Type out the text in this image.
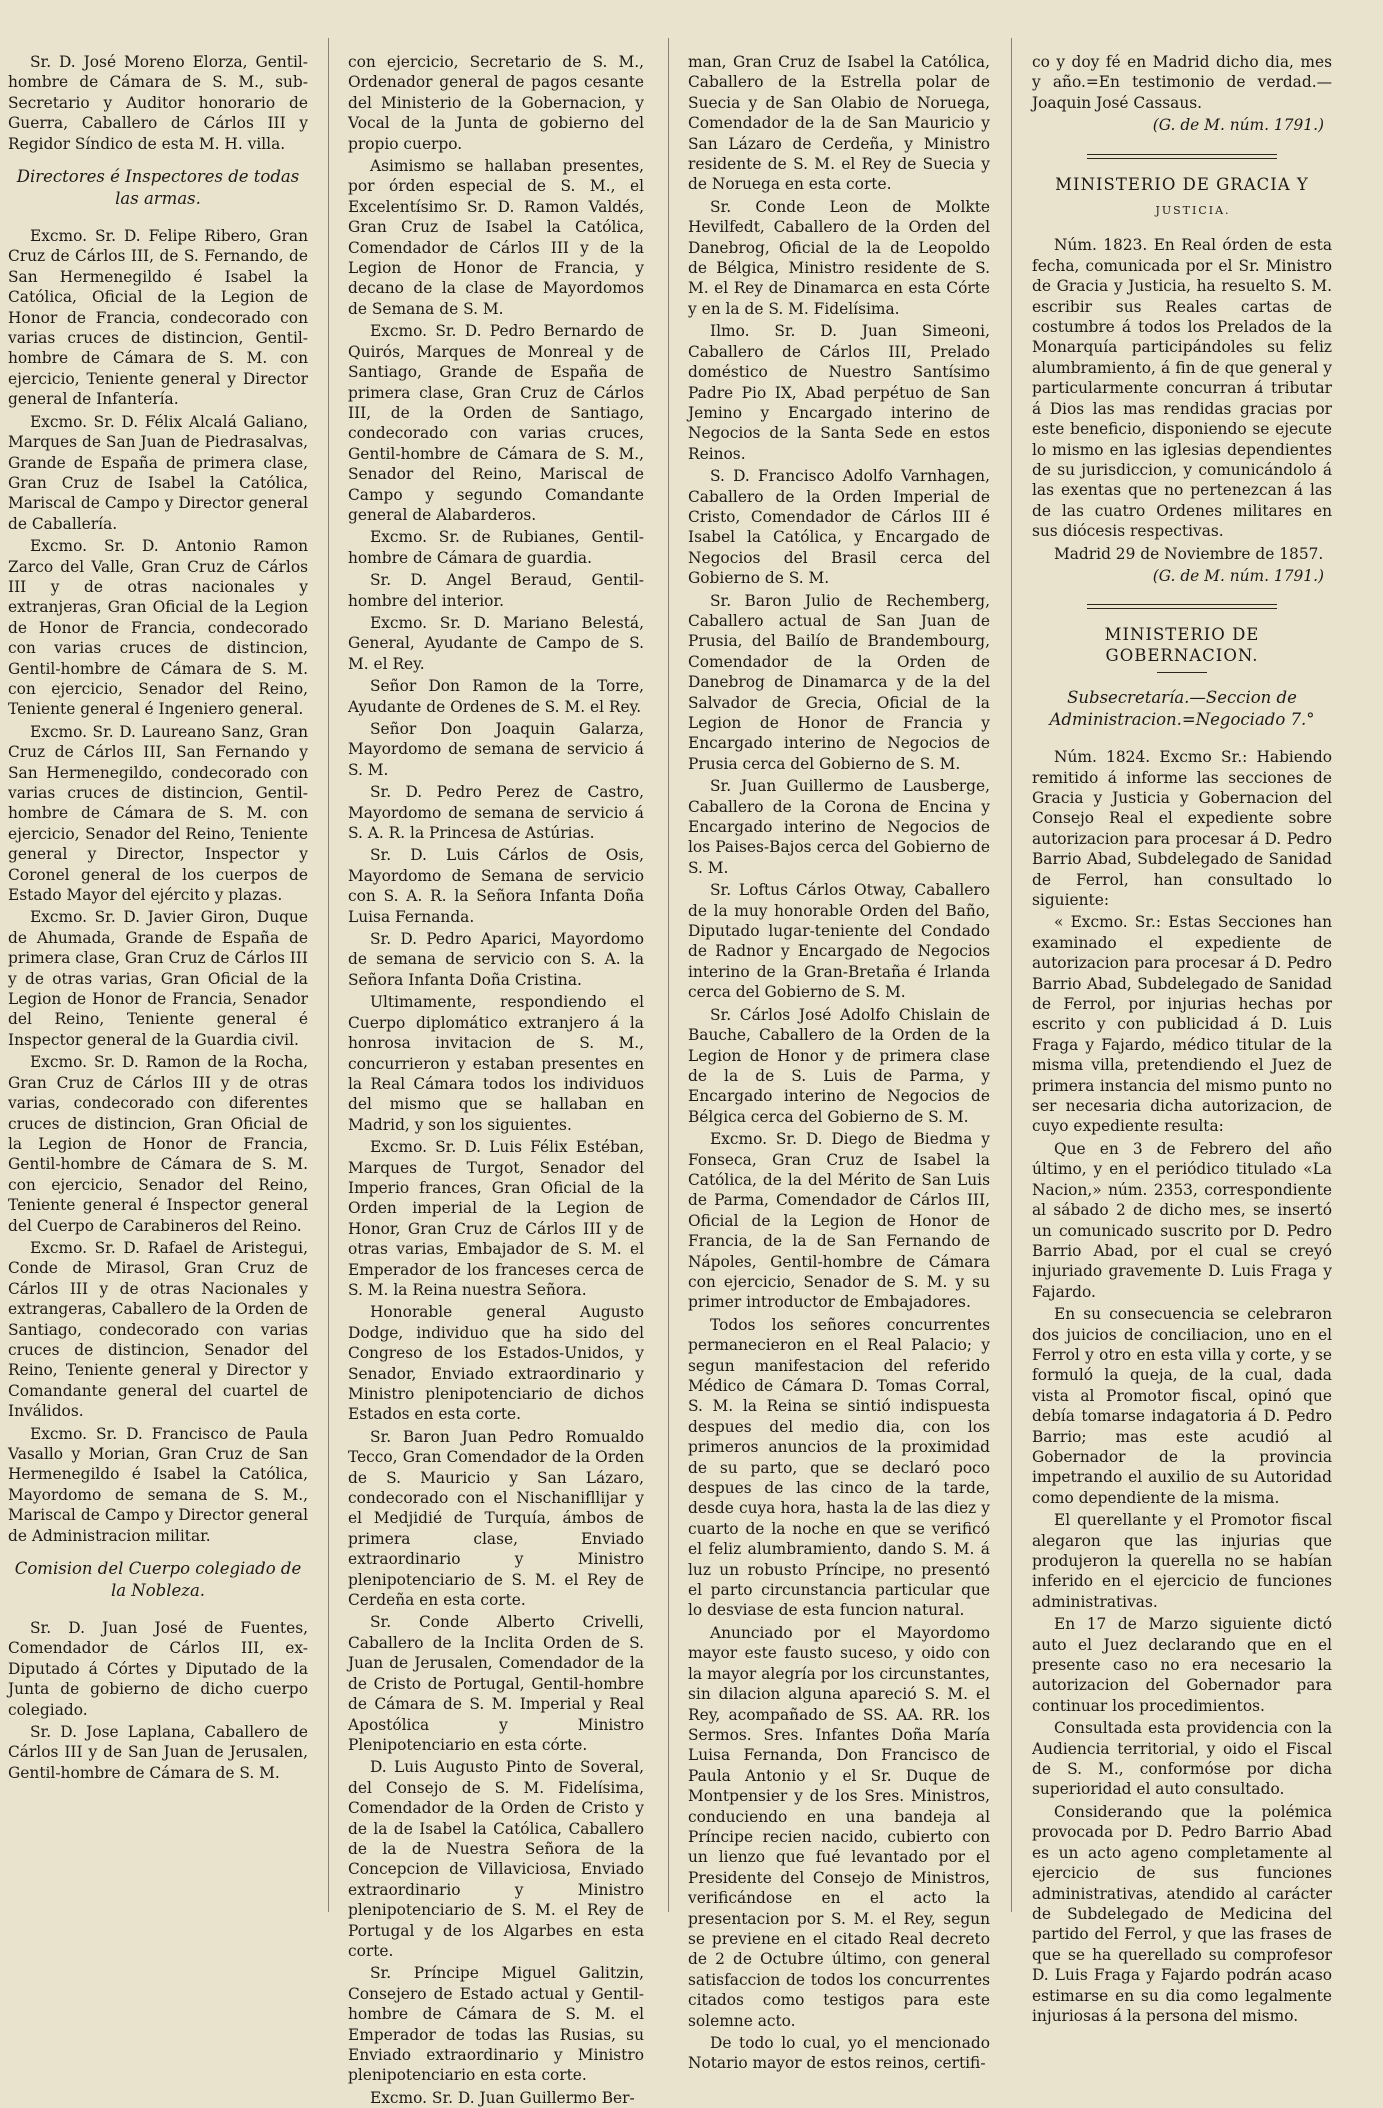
Sr. D. José Moreno Elorza, Gentil-hombre de Cámara de S. M., sub-Secretario y Auditor honorario de Guerra, Caballero de Cárlos III y Regidor Síndico de esta M. H. villa.

Directores é Inspectores de todas las armas.

Excmo. Sr. D. Felipe Ribero, Gran Cruz de Cárlos III, de S. Fernando, de San Hermenegildo é Isabel la Católica, Oficial de la Legion de Honor de Francia, condecorado con varias cruces de distincion, Gentil-hombre de Cámara de S. M. con ejercicio, Teniente general y Director general de Infantería.

Excmo. Sr. D. Félix Alcalá Galiano, Marques de San Juan de Piedrasalvas, Grande de España de primera clase, Gran Cruz de Isabel la Católica, Mariscal de Campo y Director general de Caballería.

Excmo. Sr. D. Antonio Ramon Zarco del Valle, Gran Cruz de Cárlos III y de otras nacionales y extranjeras, Gran Oficial de la Legion de Honor de Francia, condecorado con varias cruces de distincion, Gentil-hombre de Cámara de S. M. con ejercicio, Senador del Reino, Teniente general é Ingeniero general.

Excmo. Sr. D. Laureano Sanz, Gran Cruz de Cárlos III, San Fernando y San Hermenegildo, condecorado con varias cruces de distincion, Gentil-hombre de Cámara de S. M. con ejercicio, Senador del Reino, Teniente general y Director, Inspector y Coronel general de los cuerpos de Estado Mayor del ejército y plazas.

Excmo. Sr. D. Javier Giron, Duque de Ahumada, Grande de España de primera clase, Gran Cruz de Cárlos III y de otras varias, Gran Oficial de la Legion de Honor de Francia, Senador del Reino, Teniente general é Inspector general de la Guardia civil.

Excmo. Sr. D. Ramon de la Rocha, Gran Cruz de Cárlos III y de otras varias, condecorado con diferentes cruces de distincion, Gran Oficial de la Legion de Honor de Francia, Gentil-hombre de Cámara de S. M. con ejercicio, Senador del Reino, Teniente general é Inspector general del Cuerpo de Carabineros del Reino.

Excmo. Sr. D. Rafael de Aristegui, Conde de Mirasol, Gran Cruz de Cárlos III y de otras Nacionales y extrangeras, Caballero de la Orden de Santiago, condecorado con varias cruces de distincion, Senador del Reino, Teniente general y Director y Comandante general del cuartel de Inválidos.

Excmo. Sr. D. Francisco de Paula Vasallo y Morian, Gran Cruz de San Hermenegildo é Isabel la Católica, Mayordomo de semana de S. M., Mariscal de Campo y Director general de Administracion militar.

Comision del Cuerpo colegiado de la Nobleza.

Sr. D. Juan José de Fuentes, Comendador de Cárlos III, ex-Diputado á Córtes y Diputado de la Junta de gobierno de dicho cuerpo colegiado.

Sr. D. Jose Laplana, Caballero de Cárlos III y de San Juan de Jerusalen, Gentil-hombre de Cámara de S. M.

con ejercicio, Secretario de S. M., Ordenador general de pagos cesante del Ministerio de la Gobernacion, y Vocal de la Junta de gobierno del propio cuerpo.

Asimismo se hallaban presentes, por órden especial de S. M., el Excelentísimo Sr. D. Ramon Valdés, Gran Cruz de Isabel la Católica, Comendador de Cárlos III y de la Legion de Honor de Francia, y decano de la clase de Mayordomos de Semana de S. M.

Excmo. Sr. D. Pedro Bernardo de Quirós, Marques de Monreal y de Santiago, Grande de España de primera clase, Gran Cruz de Cárlos III, de la Orden de Santiago, condecorado con varias cruces, Gentil-hombre de Cámara de S. M., Senador del Reino, Mariscal de Campo y segundo Comandante general de Alabarderos.

Excmo. Sr. de Rubianes, Gentil-hombre de Cámara de guardia.

Sr. D. Angel Beraud, Gentil-hombre del interior.

Excmo. Sr. D. Mariano Belestá, General, Ayudante de Campo de S. M. el Rey.

Señor Don Ramon de la Torre, Ayudante de Ordenes de S. M. el Rey.

Señor Don Joaquin Galarza, Mayordomo de semana de servicio á S. M.

Sr. D. Pedro Perez de Castro, Mayordomo de semana de servicio á S. A. R. la Princesa de Astúrias.

Sr. D. Luis Cárlos de Osis, Mayordomo de Semana de servicio con S. A. R. la Señora Infanta Doña Luisa Fernanda.

Sr. D. Pedro Aparici, Mayordomo de semana de servicio con S. A. la Señora Infanta Doña Cristina.

Ultimamente, respondiendo el Cuerpo diplomático extranjero á la honrosa invitacion de S. M., concurrieron y estaban presentes en la Real Cámara todos los individuos del mismo que se hallaban en Madrid, y son los siguientes.

Excmo. Sr. D. Luis Félix Estéban, Marques de Turgot, Senador del Imperio frances, Gran Oficial de la Orden imperial de la Legion de Honor, Gran Cruz de Cárlos III y de otras varias, Embajador de S. M. el Emperador de los franceses cerca de S. M. la Reina nuestra Señora.

Honorable general Augusto Dodge, individuo que ha sido del Congreso de los Estados-Unidos, y Senador, Enviado extraordinario y Ministro plenipotenciario de dichos Estados en esta corte.

Sr. Baron Juan Pedro Romualdo Tecco, Gran Comendador de la Orden de S. Mauricio y San Lázaro, condecorado con el Nischanifllijar y el Medjidié de Turquía, ámbos de primera clase, Enviado extraordinario y Ministro plenipotenciario de S. M. el Rey de Cerdeña en esta corte.

Sr. Conde Alberto Crivelli, Caballero de la Inclita Orden de S. Juan de Jerusalen, Comendador de la de Cristo de Portugal, Gentil-hombre de Cámara de S. M. Imperial y Real Apostólica y Ministro Plenipotenciario en esta córte.

D. Luis Augusto Pinto de Soveral, del Consejo de S. M. Fidelísima, Comendador de la Orden de Cristo y de la de Isabel la Católica, Caballero de la de Nuestra Señora de la Concepcion de Villaviciosa, Enviado extraordinario y Ministro plenipotenciario de S. M. el Rey de Portugal y de los Algarbes en esta corte.

Sr. Príncipe Miguel Galitzin, Consejero de Estado actual y Gentil-hombre de Cámara de S. M. el Emperador de todas las Rusias, su Enviado extraordinario y Ministro plenipotenciario en esta corte.

Excmo. Sr. D. Juan Guillermo Ber-

man, Gran Cruz de Isabel la Católica, Caballero de la Estrella polar de Suecia y de San Olabio de Noruega, Comendador de la de San Mauricio y San Lázaro de Cerdeña, y Ministro residente de S. M. el Rey de Suecia y de Noruega en esta corte.

Sr. Conde Leon de Molkte Hevilfedt, Caballero de la Orden del Danebrog, Oficial de la de Leopoldo de Bélgica, Ministro residente de S. M. el Rey de Dinamarca en esta Córte y en la de S. M. Fidelísima.

Ilmo. Sr. D. Juan Simeoni, Caballero de Cárlos III, Prelado doméstico de Nuestro Santísimo Padre Pio IX, Abad perpétuo de San Jemino y Encargado interino de Negocios de la Santa Sede en estos Reinos.

S. D. Francisco Adolfo Varnhagen, Caballero de la Orden Imperial de Cristo, Comendador de Cárlos III é Isabel la Católica, y Encargado de Negocios del Brasil cerca del Gobierno de S. M.

Sr. Baron Julio de Rechemberg, Caballero actual de San Juan de Prusia, del Bailío de Brandembourg, Comendador de la Orden de Danebrog de Dinamarca y de la del Salvador de Grecia, Oficial de la Legion de Honor de Francia y Encargado interino de Negocios de Prusia cerca del Gobierno de S. M.

Sr. Juan Guillermo de Lausberge, Caballero de la Corona de Encina y Encargado interino de Negocios de los Paises-Bajos cerca del Gobierno de S. M.

Sr. Loftus Cárlos Otway, Caballero de la muy honorable Orden del Baño, Diputado lugar-teniente del Condado de Radnor y Encargado de Negocios interino de la Gran-Bretaña é Irlanda cerca del Gobierno de S. M.

Sr. Cárlos José Adolfo Chislain de Bauche, Caballero de la Orden de la Legion de Honor y de primera clase de la de S. Luis de Parma, y Encargado interino de Negocios de Bélgica cerca del Gobierno de S. M.

Excmo. Sr. D. Diego de Biedma y Fonseca, Gran Cruz de Isabel la Católica, de la del Mérito de San Luis de Parma, Comendador de Cárlos III, Oficial de la Legion de Honor de Francia, de la de San Fernando de Nápoles, Gentil-hombre de Cámara con ejercicio, Senador de S. M. y su primer introductor de Embajadores.

Todos los señores concurrentes permanecieron en el Real Palacio; y segun manifestacion del referido Médico de Cámara D. Tomas Corral, S. M. la Reina se sintió indispuesta despues del medio dia, con los primeros anuncios de la proximidad de su parto, que se declaró poco despues de las cinco de la tarde, desde cuya hora, hasta la de las diez y cuarto de la noche en que se verificó el feliz alumbramiento, dando S. M. á luz un robusto Príncipe, no presentó el parto circunstancia particular que lo desviase de esta funcion natural.

Anunciado por el Mayordomo mayor este fausto suceso, y oido con la mayor alegría por los circunstantes, sin dilacion alguna apareció S. M. el Rey, acompañado de SS. AA. RR. los Sermos. Sres. Infantes Doña María Luisa Fernanda, Don Francisco de Paula Antonio y el Sr. Duque de Montpensier y de los Sres. Ministros, conduciendo en una bandeja al Príncipe recien nacido, cubierto con un lienzo que fué levantado por el Presidente del Consejo de Ministros, verificándose en el acto la presentacion por S. M. el Rey, segun se previene en el citado Real decreto de 2 de Octubre último, con general satisfaccion de todos los concurrentes citados como testigos para este solemne acto.

De todo lo cual, yo el mencionado Notario mayor de estos reinos, certifi-

co y doy fé en Madrid dicho dia, mes y año.=En testimonio de verdad.—Joaquin José Cassaus.

(G. de M. núm. 1791.)

MINISTERIO DE GRACIA Y

JUSTICIA.

Núm. 1823. En Real órden de esta fecha, comunicada por el Sr. Ministro de Gracia y Justicia, ha resuelto S. M. escribir sus Reales cartas de costumbre á todos los Prelados de la Monarquía participándoles su feliz alumbramiento, á fin de que general y particularmente concurran á tributar á Dios las mas rendidas gracias por este beneficio, disponiendo se ejecute lo mismo en las iglesias dependientes de su jurisdiccion, y comunicándolo á las exentas que no pertenezcan á las de las cuatro Ordenes militares en sus diócesis respectivas.

Madrid 29 de Noviembre de 1857.

(G. de M. núm. 1791.)

MINISTERIO DE GOBERNACION.

Subsecretaría.—Seccion de Administracion.=Negociado 7.°

Núm. 1824. Excmo Sr.: Habiendo remitido á informe las secciones de Gracia y Justicia y Gobernacion del Consejo Real el expediente sobre autorizacion para procesar á D. Pedro Barrio Abad, Subdelegado de Sanidad de Ferrol, han consultado lo siguiente:

« Excmo. Sr.: Estas Secciones han examinado el expediente de autorizacion para procesar á D. Pedro Barrio Abad, Subdelegado de Sanidad de Ferrol, por injurias hechas por escrito y con publicidad á D. Luis Fraga y Fajardo, médico titular de la misma villa, pretendiendo el Juez de primera instancia del mismo punto no ser necesaria dicha autorizacion, de cuyo expediente resulta:

Que en 3 de Febrero del año último, y en el periódico titulado «La Nacion,» núm. 2353, correspondiente al sábado 2 de dicho mes, se insertó un comunicado suscrito por D. Pedro Barrio Abad, por el cual se creyó injuriado gravemente D. Luis Fraga y Fajardo.

En su consecuencia se celebraron dos juicios de conciliacion, uno en el Ferrol y otro en esta villa y corte, y se formuló la queja, de la cual, dada vista al Promotor fiscal, opinó que debía tomarse indagatoria á D. Pedro Barrio; mas este acudió al Gobernador de la provincia impetrando el auxilio de su Autoridad como dependiente de la misma.

El querellante y el Promotor fiscal alegaron que las injurias que produjeron la querella no se habían inferido en el ejercicio de funciones administrativas.

En 17 de Marzo siguiente dictó auto el Juez declarando que en el presente caso no era necesario la autorizacion del Gobernador para continuar los procedimientos.

Consultada esta providencia con la Audiencia territorial, y oido el Fiscal de S. M., conformóse por dicha superioridad el auto consultado.

Considerando que la polémica provocada por D. Pedro Barrio Abad es un acto ageno completamente al ejercicio de sus funciones administrativas, atendido al carácter de Subdelegado de Medicina del partido del Ferrol, y que las frases de que se ha querellado su comprofesor D. Luis Fraga y Fajardo podrán acaso estimarse en su dia como legalmente injuriosas á la persona del mismo.
